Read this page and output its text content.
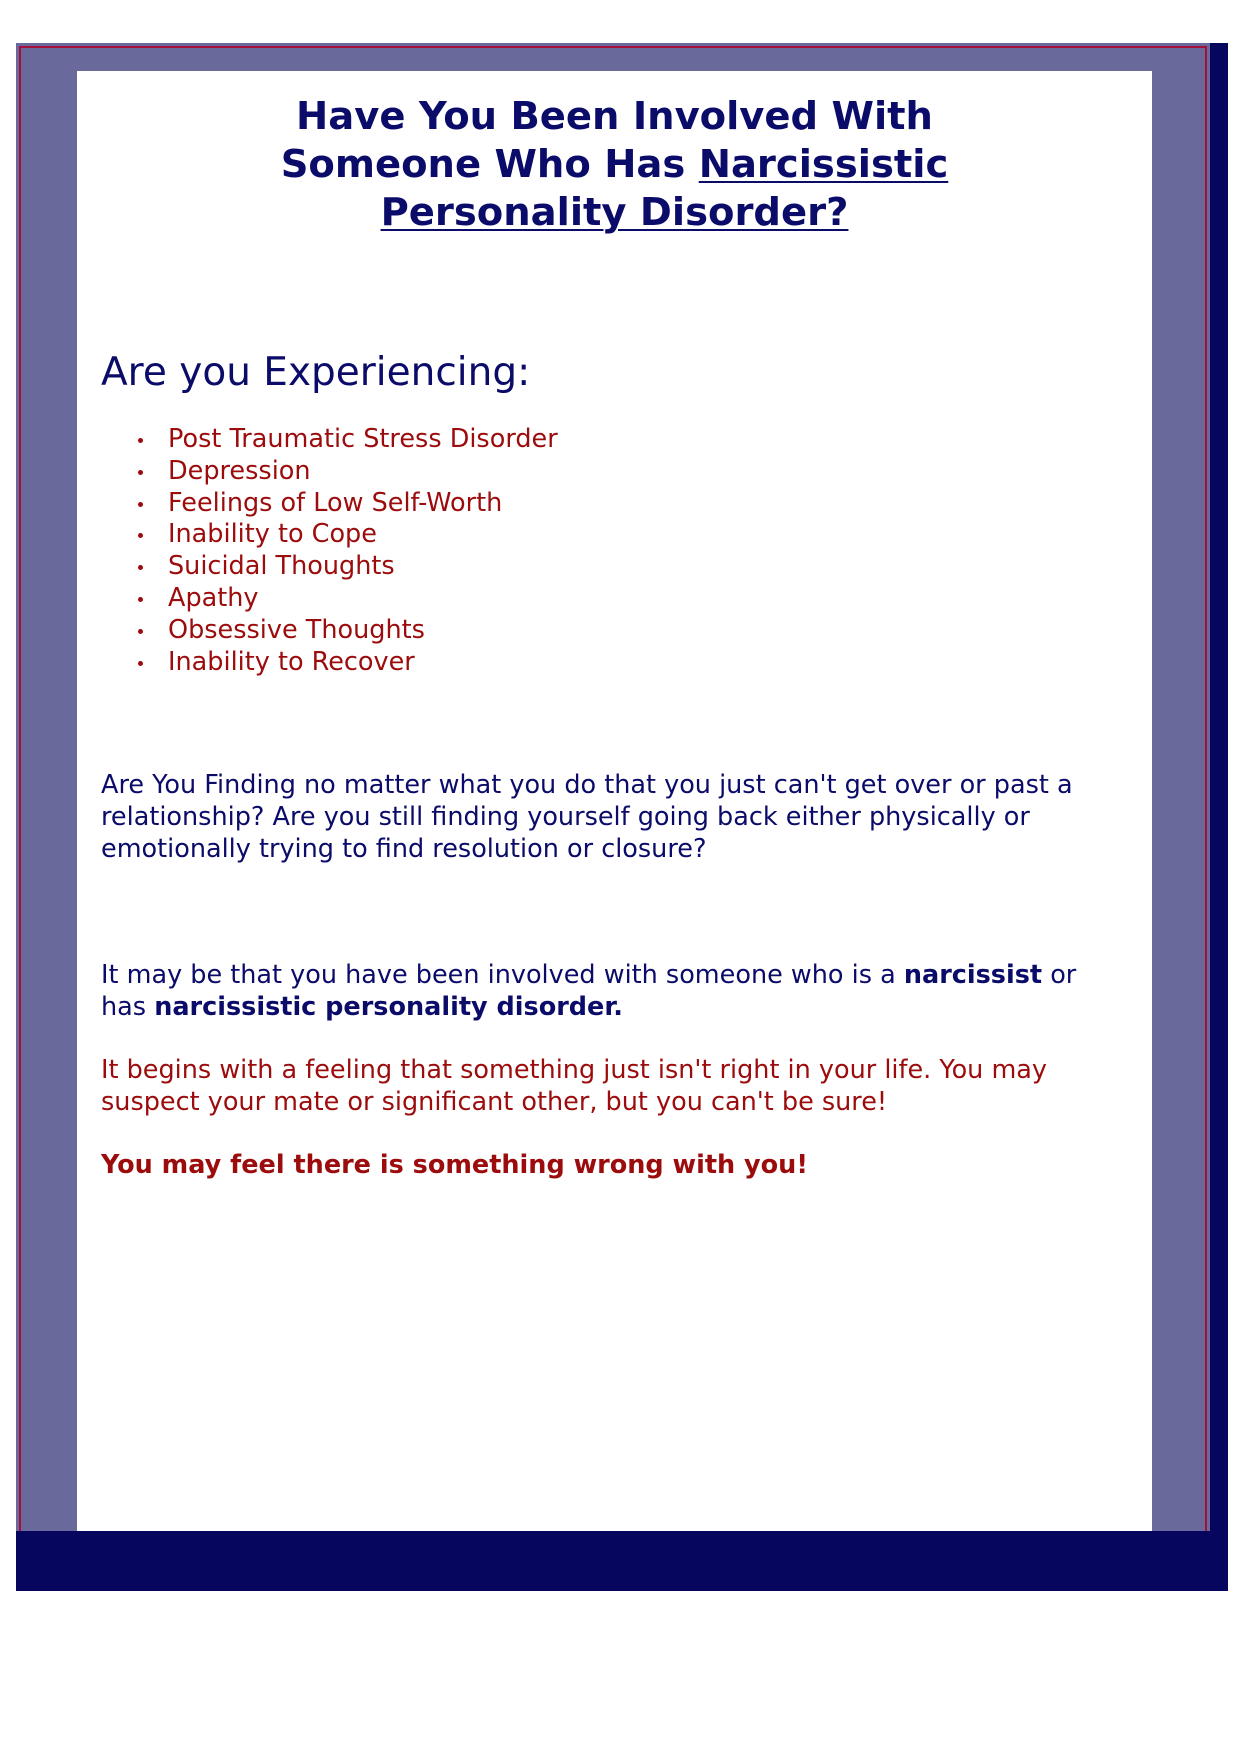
Have You Been Involved With
Someone Who Has Narcissistic
Personality Disorder?
Are you Experiencing:
Post Traumatic Stress Disorder
Depression
Feelings of Low Self-Worth
Inability to Cope
Suicidal Thoughts
Apathy
Obsessive Thoughts
Inability to Recover

Are You Finding no matter what you do that you just can't get over or past a relationship? Are you still finding yourself going back either physically or emotionally trying to find resolution or closure?

It may be that you have been involved with someone who is a narcissist or has narcissistic personality disorder.

It begins with a feeling that something just isn't right in your life. You may suspect your mate or significant other, but you can't be sure!

You may feel there is something wrong with you!
